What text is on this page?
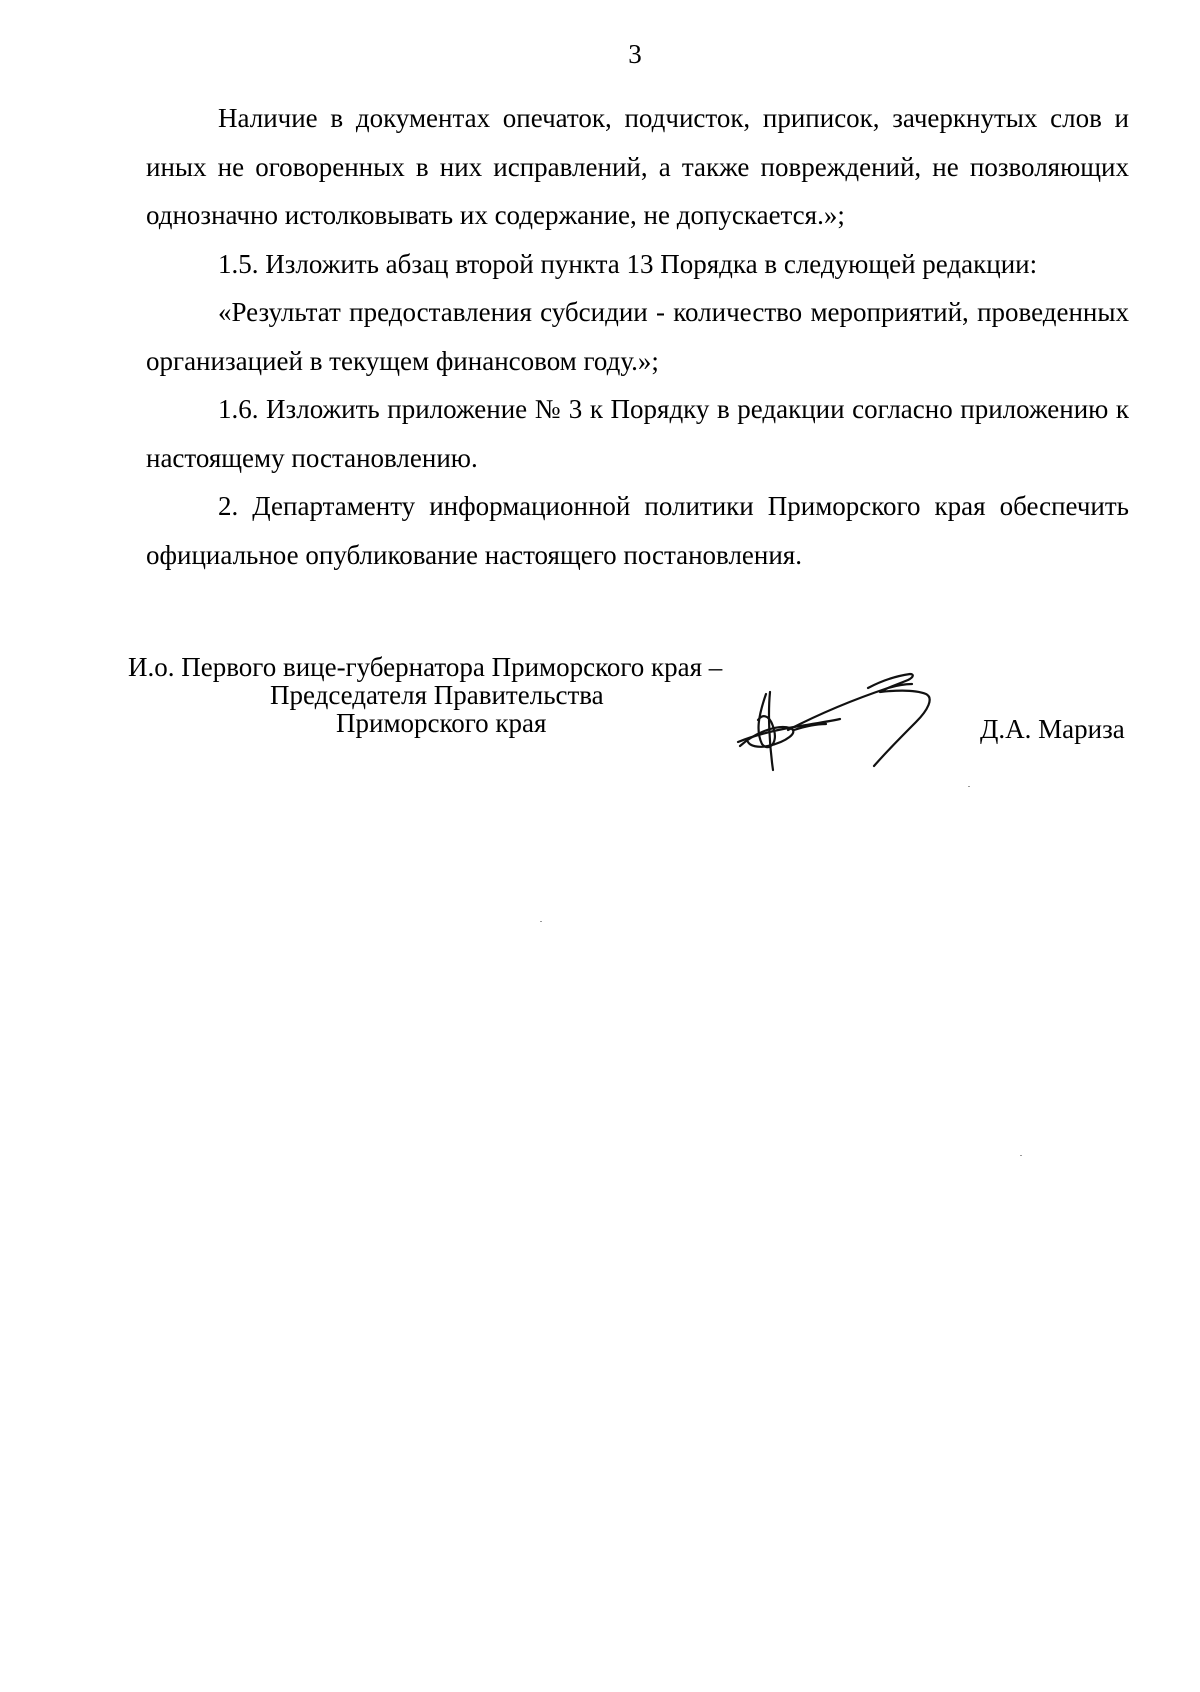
3

Наличие в документах опечаток, подчисток, приписок, зачеркнутых слов и иных не оговоренных в них исправлений, а также повреждений, не позволяющих однозначно истолковывать их содержание, не допускается.»;

1.5. Изложить абзац второй пункта 13 Порядка в следующей редакции:

«Результат предоставления субсидии - количество мероприятий, проведенных организацией в текущем финансовом году.»;

1.6. Изложить приложение № 3 к Порядку в редакции согласно приложению к настоящему постановлению.

2. Департаменту информационной политики Приморского края обеспечить официальное опубликование настоящего постановления.

И.о. Первого вице-губернатора Приморского края –
Председателя Правительства
Приморского края	Д.А. Мариза
